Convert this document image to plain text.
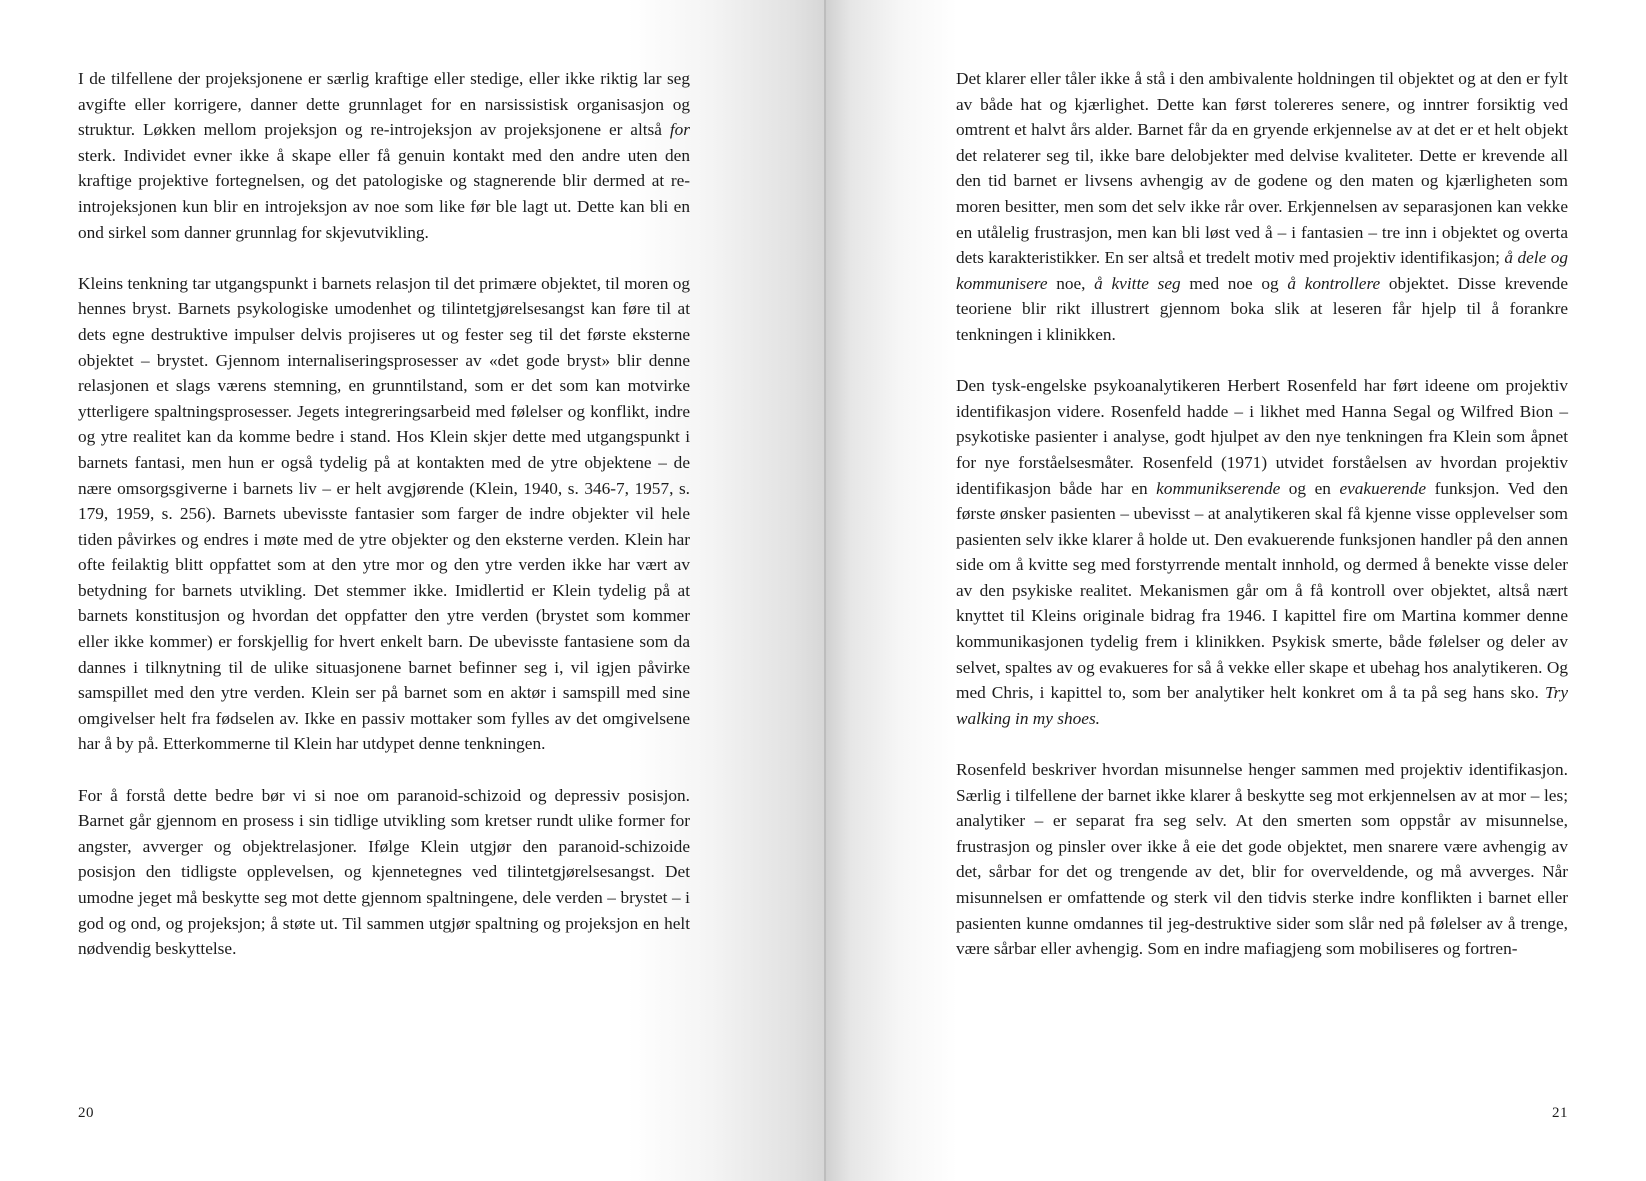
I de tilfellene der projeksjonene er særlig kraftige eller stedige, eller ikke riktig lar seg avgifte eller korrigere, danner dette grunnlaget for en narsissistisk organisasjon og struktur. Løkken mellom projeksjon og re-introjeksjon av projeksjonene er altså for sterk. Individet evner ikke å skape eller få genuin kontakt med den andre uten den kraftige projektive fortegnelsen, og det patologiske og stagnerende blir dermed at re-introjeksjonen kun blir en introjeksjon av noe som like før ble lagt ut. Dette kan bli en ond sirkel som danner grunnlag for skjevutvikling.

Kleins tenkning tar utgangspunkt i barnets relasjon til det primære objektet, til moren og hennes bryst. Barnets psykologiske umodenhet og tilintetgjørelsesangst kan føre til at dets egne destruktive impulser delvis projiseres ut og fester seg til det første eksterne objektet – brystet. Gjennom internaliseringsprosesser av «det gode bryst» blir denne relasjonen et slags værens stemning, en grunntilstand, som er det som kan motvirke ytterligere spaltningsprosesser. Jegets integreringsarbeid med følelser og konflikt, indre og ytre realitet kan da komme bedre i stand. Hos Klein skjer dette med utgangspunkt i barnets fantasi, men hun er også tydelig på at kontakten med de ytre objektene – de nære omsorgsgiverne i barnets liv – er helt avgjørende (Klein, 1940, s. 346-7, 1957, s. 179, 1959, s. 256). Barnets ubevisste fantasier som farger de indre objekter vil hele tiden påvirkes og endres i møte med de ytre objekter og den eksterne verden. Klein har ofte feilaktig blitt oppfattet som at den ytre mor og den ytre verden ikke har vært av betydning for barnets utvikling. Det stemmer ikke. Imidlertid er Klein tydelig på at barnets konstitusjon og hvordan det oppfatter den ytre verden (brystet som kommer eller ikke kommer) er forskjellig for hvert enkelt barn. De ubevisste fantasiene som da dannes i tilknytning til de ulike situasjonene barnet befinner seg i, vil igjen påvirke samspillet med den ytre verden. Klein ser på barnet som en aktør i samspill med sine omgivelser helt fra fødselen av. Ikke en passiv mottaker som fylles av det omgivelsene har å by på. Etterkommerne til Klein har utdypet denne tenkningen.

For å forstå dette bedre bør vi si noe om paranoid-schizoid og depressiv posisjon. Barnet går gjennom en prosess i sin tidlige utvikling som kretser rundt ulike former for angster, avverger og objektrelasjoner. Ifølge Klein utgjør den paranoid-schizoide posisjon den tidligste opplevelsen, og kjennetegnes ved tilintetgjørelsesangst. Det umodne jeget må beskytte seg mot dette gjennom spaltningene, dele verden – brystet – i god og ond, og projeksjon; å støte ut. Til sammen utgjør spaltning og projeksjon en helt nødvendig beskyttelse.

20

Det klarer eller tåler ikke å stå i den ambivalente holdningen til objektet og at den er fylt av både hat og kjærlighet. Dette kan først tolereres senere, og inntrer forsiktig ved omtrent et halvt års alder. Barnet får da en gryende erkjennelse av at det er et helt objekt det relaterer seg til, ikke bare delobjekter med delvise kvaliteter. Dette er krevende all den tid barnet er livsens avhengig av de godene og den maten og kjærligheten som moren besitter, men som det selv ikke rår over. Erkjennelsen av separasjonen kan vekke en utålelig frustrasjon, men kan bli løst ved å – i fantasien – tre inn i objektet og overta dets karakteristikker. En ser altså et tredelt motiv med projektiv identifikasjon; å dele og kommunisere noe, å kvitte seg med noe og å kontrollere objektet. Disse krevende teoriene blir rikt illustrert gjennom boka slik at leseren får hjelp til å forankre tenkningen i klinikken.

Den tysk-engelske psykoanalytikeren Herbert Rosenfeld har ført ideene om projektiv identifikasjon videre. Rosenfeld hadde – i likhet med Hanna Segal og Wilfred Bion – psykotiske pasienter i analyse, godt hjulpet av den nye tenkningen fra Klein som åpnet for nye forståelsesmåter. Rosenfeld (1971) utvidet forståelsen av hvordan projektiv identifikasjon både har en kommunikserende og en evakuerende funksjon. Ved den første ønsker pasienten – ubevisst – at analytikeren skal få kjenne visse opplevelser som pasienten selv ikke klarer å holde ut. Den evakuerende funksjonen handler på den annen side om å kvitte seg med forstyrrende mentalt innhold, og dermed å benekte visse deler av den psykiske realitet. Mekanismen går om å få kontroll over objektet, altså nært knyttet til Kleins originale bidrag fra 1946. I kapittel fire om Martina kommer denne kommunikasjonen tydelig frem i klinikken. Psykisk smerte, både følelser og deler av selvet, spaltes av og evakueres for så å vekke eller skape et ubehag hos analytikeren. Og med Chris, i kapittel to, som ber analytiker helt konkret om å ta på seg hans sko. Try walking in my shoes.

Rosenfeld beskriver hvordan misunnelse henger sammen med projektiv identifikasjon. Særlig i tilfellene der barnet ikke klarer å beskytte seg mot erkjennelsen av at mor – les; analytiker – er separat fra seg selv. At den smerten som oppstår av misunnelse, frustrasjon og pinsler over ikke å eie det gode objektet, men snarere være avhengig av det, sårbar for det og trengende av det, blir for overveldende, og må avverges. Når misunnelsen er omfattende og sterk vil den tidvis sterke indre konflikten i barnet eller pasienten kunne omdannes til jeg-destruktive sider som slår ned på følelser av å trenge, være sårbar eller avhengig. Som en indre mafiagjeng som mobiliseres og fortren-

21
